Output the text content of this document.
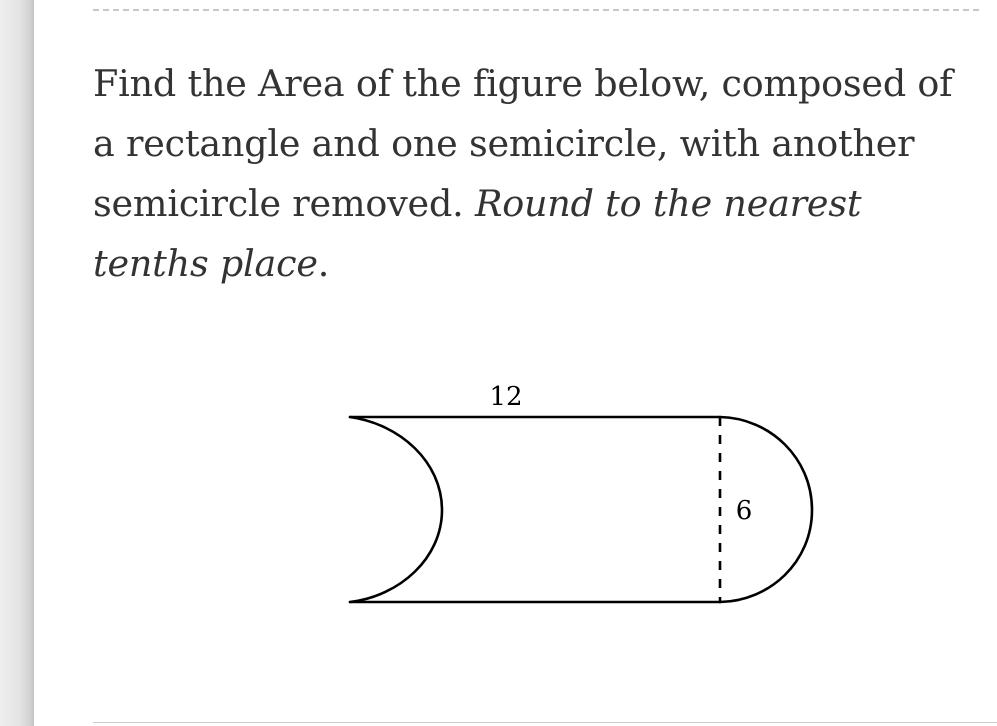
Find the Area of the figure below, composed of a rectangle and one semicircle, with another semicircle removed. Round to the nearest tenths place.

12
6
